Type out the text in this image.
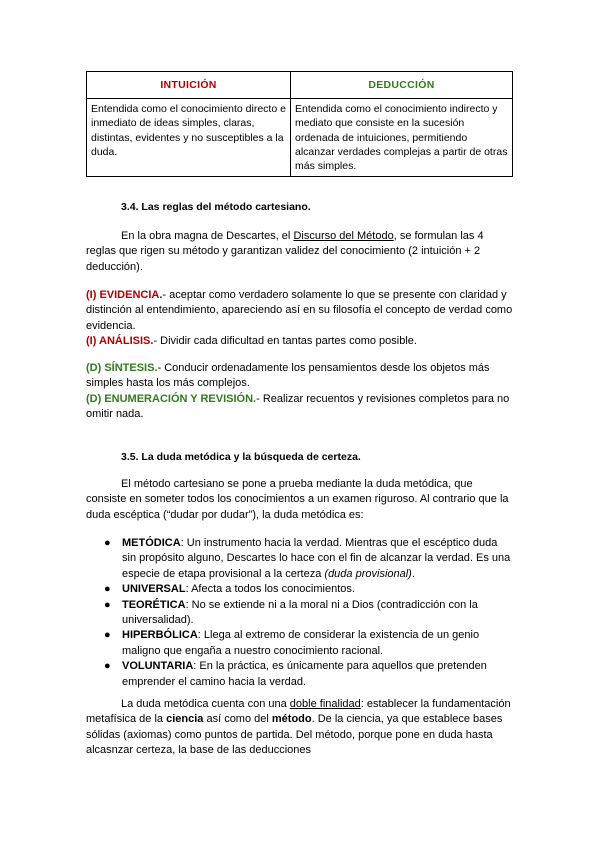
INTUICIÓN	DEDUCCIÓN
Entendida como el conocimiento directo e inmediato de ideas simples, claras, distintas, evidentes y no susceptibles a la duda.	Entendida como el conocimiento indirecto y mediato que consiste en la sucesión ordenada de intuiciones, permitiendo alcanzar verdades complejas a partir de otras más simples.
3.4. Las reglas del método cartesiano.
En la obra magna de Descartes, el Discurso del Método, se formulan las 4 reglas que rigen su método y garantizan validez del conocimiento (2 intuición + 2 deducción).
(I) EVIDENCIA.- aceptar como verdadero solamente lo que se presente con claridad y distinción al entendimiento, apareciendo así en su filosofía el concepto de verdad como evidencia.
(I) ANÁLISIS.- Dividir cada dificultad en tantas partes como posible.
(D) SÍNTESIS.- Conducir ordenadamente los pensamientos desde los objetos más simples hasta los más complejos.
(D) ENUMERACIÓN Y REVISIÓN.- Realizar recuentos y revisiones completos para no omitir nada.
3.5. La duda metódica y la búsqueda de certeza.
El método cartesiano se pone a prueba mediante la duda metódica, que consiste en someter todos los conocimientos a un examen riguroso. Al contrario que la duda escéptica (“dudar por dudar”), la duda metódica es:
● METÓDICA: Un instrumento hacia la verdad. Mientras que el escéptico duda sin propósito alguno, Descartes lo hace con el fin de alcanzar la verdad. Es una especie de etapa provisional a la certeza (duda provisional).
● UNIVERSAL: Afecta a todos los conocimientos.
● TEORÉTICA: No se extiende ni a la moral ni a Dios (contradicción con la universalidad).
● HIPERBÓLICA: Llega al extremo de considerar la existencia de un genio maligno que engaña a nuestro conocimiento racional.
● VOLUNTARIA: En la práctica, es únicamente para aquellos que pretenden emprender el camino hacia la verdad.
La duda metódica cuenta con una doble finalidad: establecer la fundamentación metafísica de la ciencia así como del método. De la ciencia, ya que establece bases sólidas (axiomas) como puntos de partida. Del método, porque pone en duda hasta alcasnzar certeza, la base de las deducciones
